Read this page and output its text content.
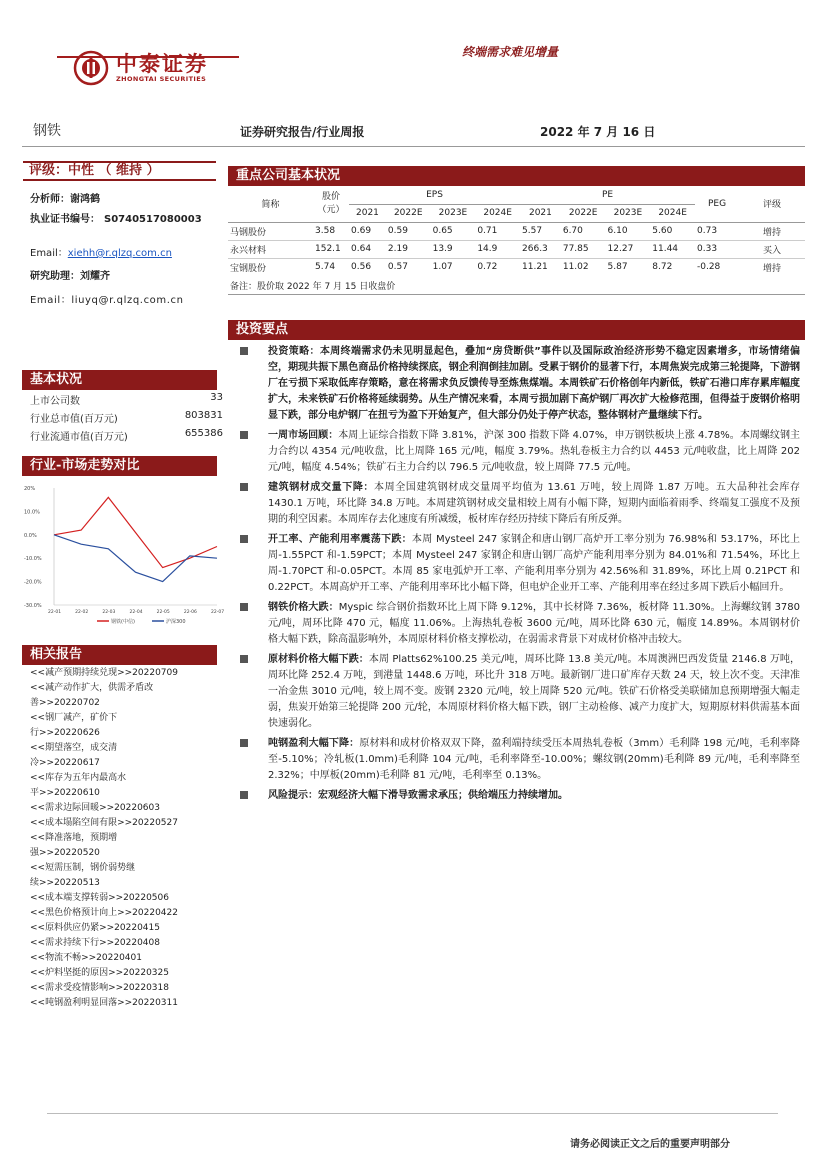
终端需求难见增量
中泰证券
ZHONGTAI SECURITIES
钢铁	证券研究报告/行业周报	2022 年 7 月 16 日
评级：中性 （ 维持 ）
分析师：谢鸿鹤
执业证书编号： S0740517080003
Email：xiehh@r.qlzq.com.cn
研究助理：刘耀齐
Email：liuyq@r.qlzq.com.cn
基本状况
上市公司数	33
行业总市值(百万元)	803831
行业流通市值(百万元)	655386
行业-市场走势对比
20%
10.0%
0.0%
-10.0%
-20.0%
-30.0%
22-01	22-02	22-03	22-04	22-05	22-06	22-07
钢铁(中信)	沪深300
相关报告
<<减产预期持续兑现>>20220709
<<减产动作扩大，供需矛盾改
善>>20220702
<<钢厂减产，矿价下
行>>20220626
<<期望落空，成交清
冷>>20220617
<<库存为五年内最高水
平>>20220610
<<需求边际回暖>>20220603
<<成本塌陷空间有限>>20220527
<<降准落地，预期增
强>>20220520
<<短需压制，钢价弱势继
续>>20220513
<<成本端支撑转弱>>20220506
<<黑色价格预计向上>>20220422
<<原料供应仍紧>>20220415
<<需求持续下行>>20220408
<<物流不畅>>20220401
<<炉料坚挺的原因>>20220325
<<需求受疫情影响>>20220318
<<吨钢盈利明显回落>>20220311
重点公司基本状况
简称	股价
（元）	EPS				PE				PEG	评级
		2021	2022E	2023E	2024E	2021	2022E	2023E	2024E		
马钢股份	3.58	0.69	0.59	0.65	0.71	5.57	6.70	6.10	5.60	0.73	增持
永兴材料	152.1	0.64	2.19	13.9	14.9	266.3	77.85	12.27	11.44	0.33	买入
宝钢股份	5.74	0.56	0.57	1.07	0.72	11.21	11.02	5.87	8.72	-0.28	增持
备注：股价取 2022 年 7 月 15 日收盘价
投资要点
投资策略：本周终端需求仍未见明显起色，叠加“房贷断供”事件以及国际政治经济形势不稳定因素增多，市场情绪偏空，期现共振下黑色商品价格持续探底，钢企利润倒挂加剧。受累于钢价的显著下行，本周焦炭完成第三轮提降，下游钢厂在亏损下采取低库存策略，意在将需求负反馈传导至炼焦煤端。本周铁矿石价格创年内新低，铁矿石港口库存累库幅度扩大，未来铁矿石价格将延续弱势。从生产情况来看，本周亏损加剧下高炉钢厂再次扩大检修范围，但得益于废钢价格明显下跌，部分电炉钢厂在扭亏为盈下开始复产，但大部分仍处于停产状态，整体钢材产量继续下行。
一周市场回顾：本周上证综合指数下降 3.81%，沪深 300 指数下降 4.07%，申万钢铁板块上涨 4.78%。本周螺纹钢主力合约以 4354 元/吨收盘，比上周降 165 元/吨，幅度 3.79%。热轧卷板主力合约以 4453 元/吨收盘，比上周降 202 元/吨，幅度 4.54%；铁矿石主力合约以 796.5 元/吨收盘，较上周降 77.5 元/吨。
建筑钢材成交量下降：本周全国建筑钢材成交量周平均值为 13.61 万吨，较上周降 1.87 万吨。五大品种社会库存 1430.1 万吨，环比降 34.8 万吨。本周建筑钢材成交量相较上周有小幅下降，短期内面临着雨季、终端复工强度不及预期的利空因素。本周库存去化速度有所减缓，板材库存经历持续下降后有所反弹。
开工率、产能利用率震荡下跌：本周 Mysteel 247 家钢企和唐山钢厂高炉开工率分别为 76.98%和 53.17%，环比上周-1.55PCT 和-1.59PCT；本周 Mysteel 247 家钢企和唐山钢厂高炉产能利用率分别为 84.01%和 71.54%，环比上周-1.70PCT 和-0.05PCT。本周 85 家电弧炉开工率、产能利用率分别为 42.56%和 31.89%，环比上周 0.21PCT 和 0.22PCT。本周高炉开工率、产能利用率环比小幅下降，但电炉企业开工率、产能利用率在经过多周下跌后小幅回升。
钢铁价格大跌：Myspic 综合钢价指数环比上周下降 9.12%，其中长材降 7.36%，板材降 11.30%。上海螺纹钢 3780 元/吨，周环比降 470 元，幅度 11.06%。上海热轧卷板 3600 元/吨，周环比降 630 元，幅度 14.89%。本周钢材价格大幅下跌，除高温影响外，本周原材料价格支撑松动，在弱需求背景下对成材价格冲击较大。
原材料价格大幅下跌：本周 Platts62%100.25 美元/吨，周环比降 13.8 美元/吨。本周澳洲巴西发货量 2146.8 万吨，周环比降 252.4 万吨，到港量 1448.6 万吨，环比升 318 万吨。最新钢厂进口矿库存天数 24 天，较上次不变。天津准一冶金焦 3010 元/吨，较上周不变。废钢 2320 元/吨，较上周降 520 元/吨。铁矿石价格受美联储加息预期增强大幅走弱，焦炭开始第三轮提降 200 元/轮，本周原材料价格大幅下跌，钢厂主动检修、减产力度扩大，短期原材料供需基本面快速弱化。
吨钢盈利大幅下降：原材料和成材价格双双下降，盈利端持续受压本周热轧卷板（3mm）毛利降 198 元/吨，毛利率降至-5.10%；冷轧板(1.0mm)毛利降 104 元/吨，毛利率降至-10.00%；螺纹钢(20mm)毛利降 89 元/吨，毛利率降至 2.32%；中厚板(20mm)毛利降 81 元/吨，毛利率至 0.13%。
风险提示：宏观经济大幅下滑导致需求承压；供给端压力持续增加。
请务必阅读正文之后的重要声明部分
